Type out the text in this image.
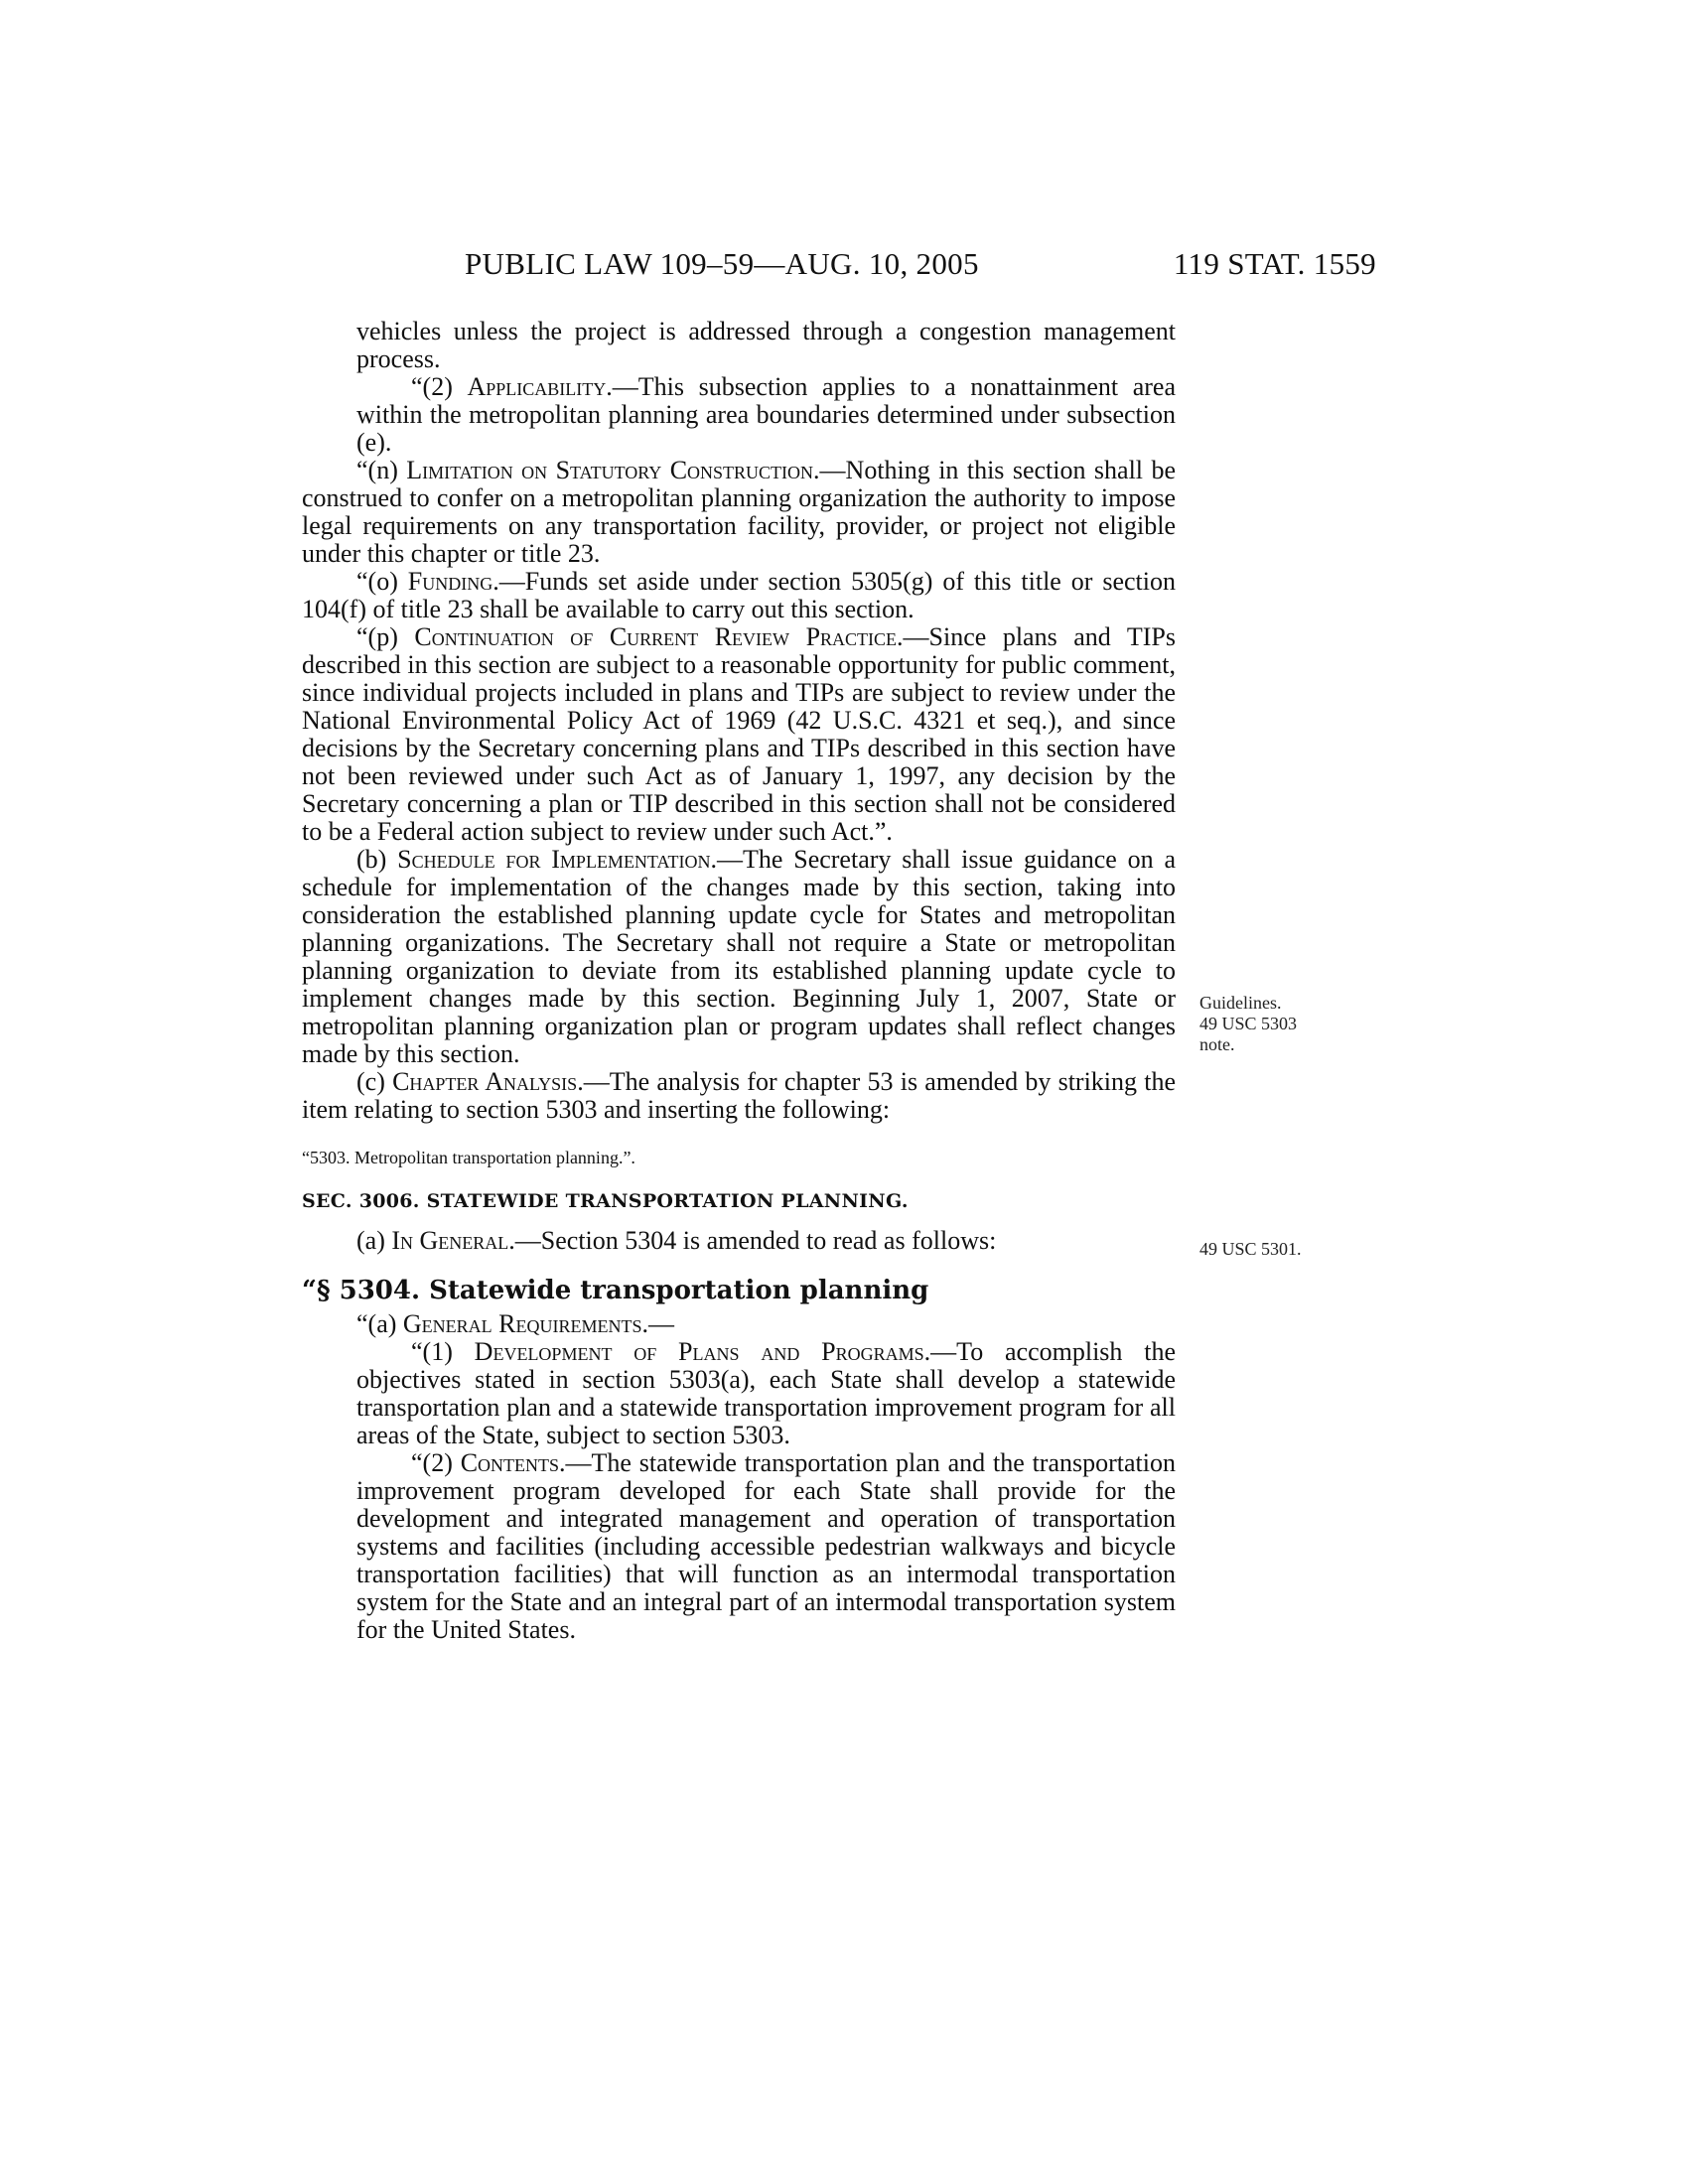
PUBLIC LAW 109–59—AUG. 10, 2005	119 STAT. 1559

vehicles unless the project is addressed through a congestion management process.

“(2) Applicability.—This subsection applies to a nonattainment area within the metropolitan planning area boundaries determined under subsection (e).

“(n) Limitation on Statutory Construction.—Nothing in this section shall be construed to confer on a metropolitan planning organization the authority to impose legal requirements on any transportation facility, provider, or project not eligible under this chapter or title 23.

“(o) Funding.—Funds set aside under section 5305(g) of this title or section 104(f) of title 23 shall be available to carry out this section.

“(p) Continuation of Current Review Practice.—Since plans and TIPs described in this section are subject to a reasonable opportunity for public comment, since individual projects included in plans and TIPs are subject to review under the National Environmental Policy Act of 1969 (42 U.S.C. 4321 et seq.), and since decisions by the Secretary concerning plans and TIPs described in this section have not been reviewed under such Act as of January 1, 1997, any decision by the Secretary concerning a plan or TIP described in this section shall not be considered to be a Federal action subject to review under such Act.”.

(b) Schedule for Implementation.—The Secretary shall issue guidance on a schedule for implementation of the changes made by this section, taking into consideration the established planning update cycle for States and metropolitan planning organizations. The Secretary shall not require a State or metropolitan planning organization to deviate from its established planning update cycle to implement changes made by this section. Beginning July 1, 2007, State or metropolitan planning organization plan or program updates shall reflect changes made by this section.

(c) Chapter Analysis.—The analysis for chapter 53 is amended by striking the item relating to section 5303 and inserting the following:

“5303. Metropolitan transportation planning.”.

SEC. 3006. STATEWIDE TRANSPORTATION PLANNING.

(a) In General.—Section 5304 is amended to read as follows:

“§ 5304. Statewide transportation planning

“(a) General Requirements.—

“(1) Development of Plans and Programs.—To accomplish the objectives stated in section 5303(a), each State shall develop a statewide transportation plan and a statewide transportation improvement program for all areas of the State, subject to section 5303.

“(2) Contents.—The statewide transportation plan and the transportation improvement program developed for each State shall provide for the development and integrated management and operation of transportation systems and facilities (including accessible pedestrian walkways and bicycle transportation facilities) that will function as an intermodal transportation system for the State and an integral part of an intermodal transportation system for the United States.

Guidelines.
49 USC 5303
note.
49 USC 5301.
